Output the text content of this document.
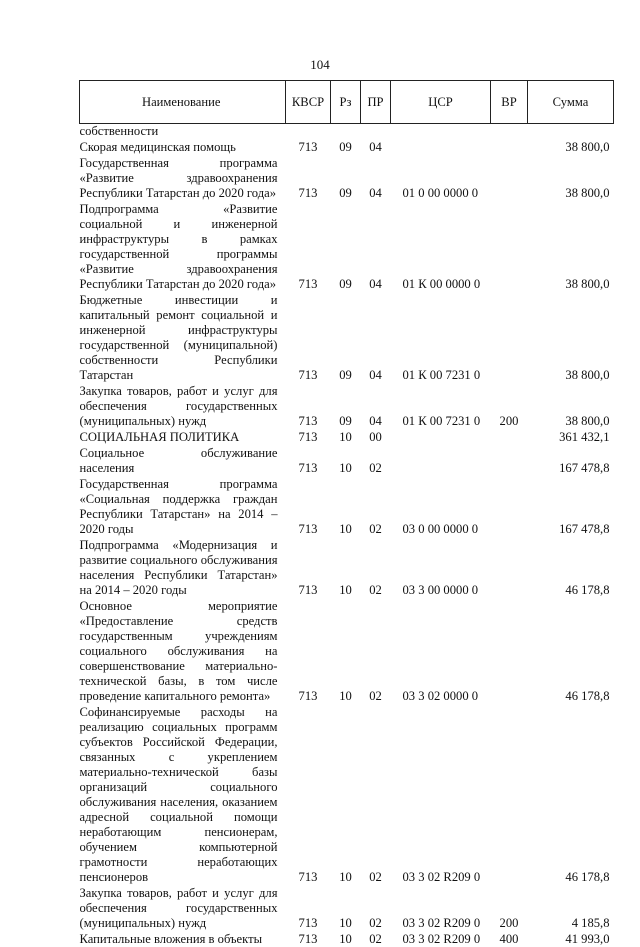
104
Наименование	КВСР	Рз	ПР	ЦСР	ВР	Сумма
собственности						
Скорая медицинская помощь	713	09	04			38 800,0
Государственная программа «Развитие здравоохранения Республики Татарстан до 2020 года»	713	09	04	01 0 00 0000 0		38 800,0
Подпрограмма «Развитие социальной и инженерной инфраструктуры в рамках государственной программы «Развитие здравоохранения Республики Татарстан до 2020 года»	713	09	04	01 К 00 0000 0		38 800,0
Бюджетные инвестиции и капитальный ремонт социальной и инженерной инфраструктуры государственной (муниципальной) собственности Республики Татарстан	713	09	04	01 К 00 7231 0		38 800,0
Закупка товаров, работ и услуг для обеспечения государственных (муниципальных) нужд	713	09	04	01 К 00 7231 0	200	38 800,0
СОЦИАЛЬНАЯ ПОЛИТИКА	713	10	00			361 432,1
Социальное обслуживание населения	713	10	02			167 478,8
Государственная программа «Социальная поддержка граждан Республики Татарстан» на 2014 – 2020 годы	713	10	02	03 0 00 0000 0		167 478,8
Подпрограмма «Модернизация и развитие социального обслуживания населения Республики Татарстан» на 2014 – 2020 годы	713	10	02	03 3 00 0000 0		46 178,8
Основное мероприятие «Предоставление средств государственным учреждениям социального обслуживания на совершенствование материально-технической базы, в том числе проведение капитального ремонта»	713	10	02	03 3 02 0000 0		46 178,8
Софинансируемые расходы на реализацию социальных программ субъектов Российской Федерации, связанных с укреплением материально-технической базы организаций социального обслуживания населения, оказанием адресной социальной помощи неработающим пенсионерам, обучением компьютерной грамотности неработающих пенсионеров	713	10	02	03 3 02 R209 0		46 178,8
Закупка товаров, работ и услуг для обеспечения государственных (муниципальных) нужд	713	10	02	03 3 02 R209 0	200	4 185,8
Капитальные вложения в объекты	713	10	02	03 3 02 R209 0	400	41 993,0
